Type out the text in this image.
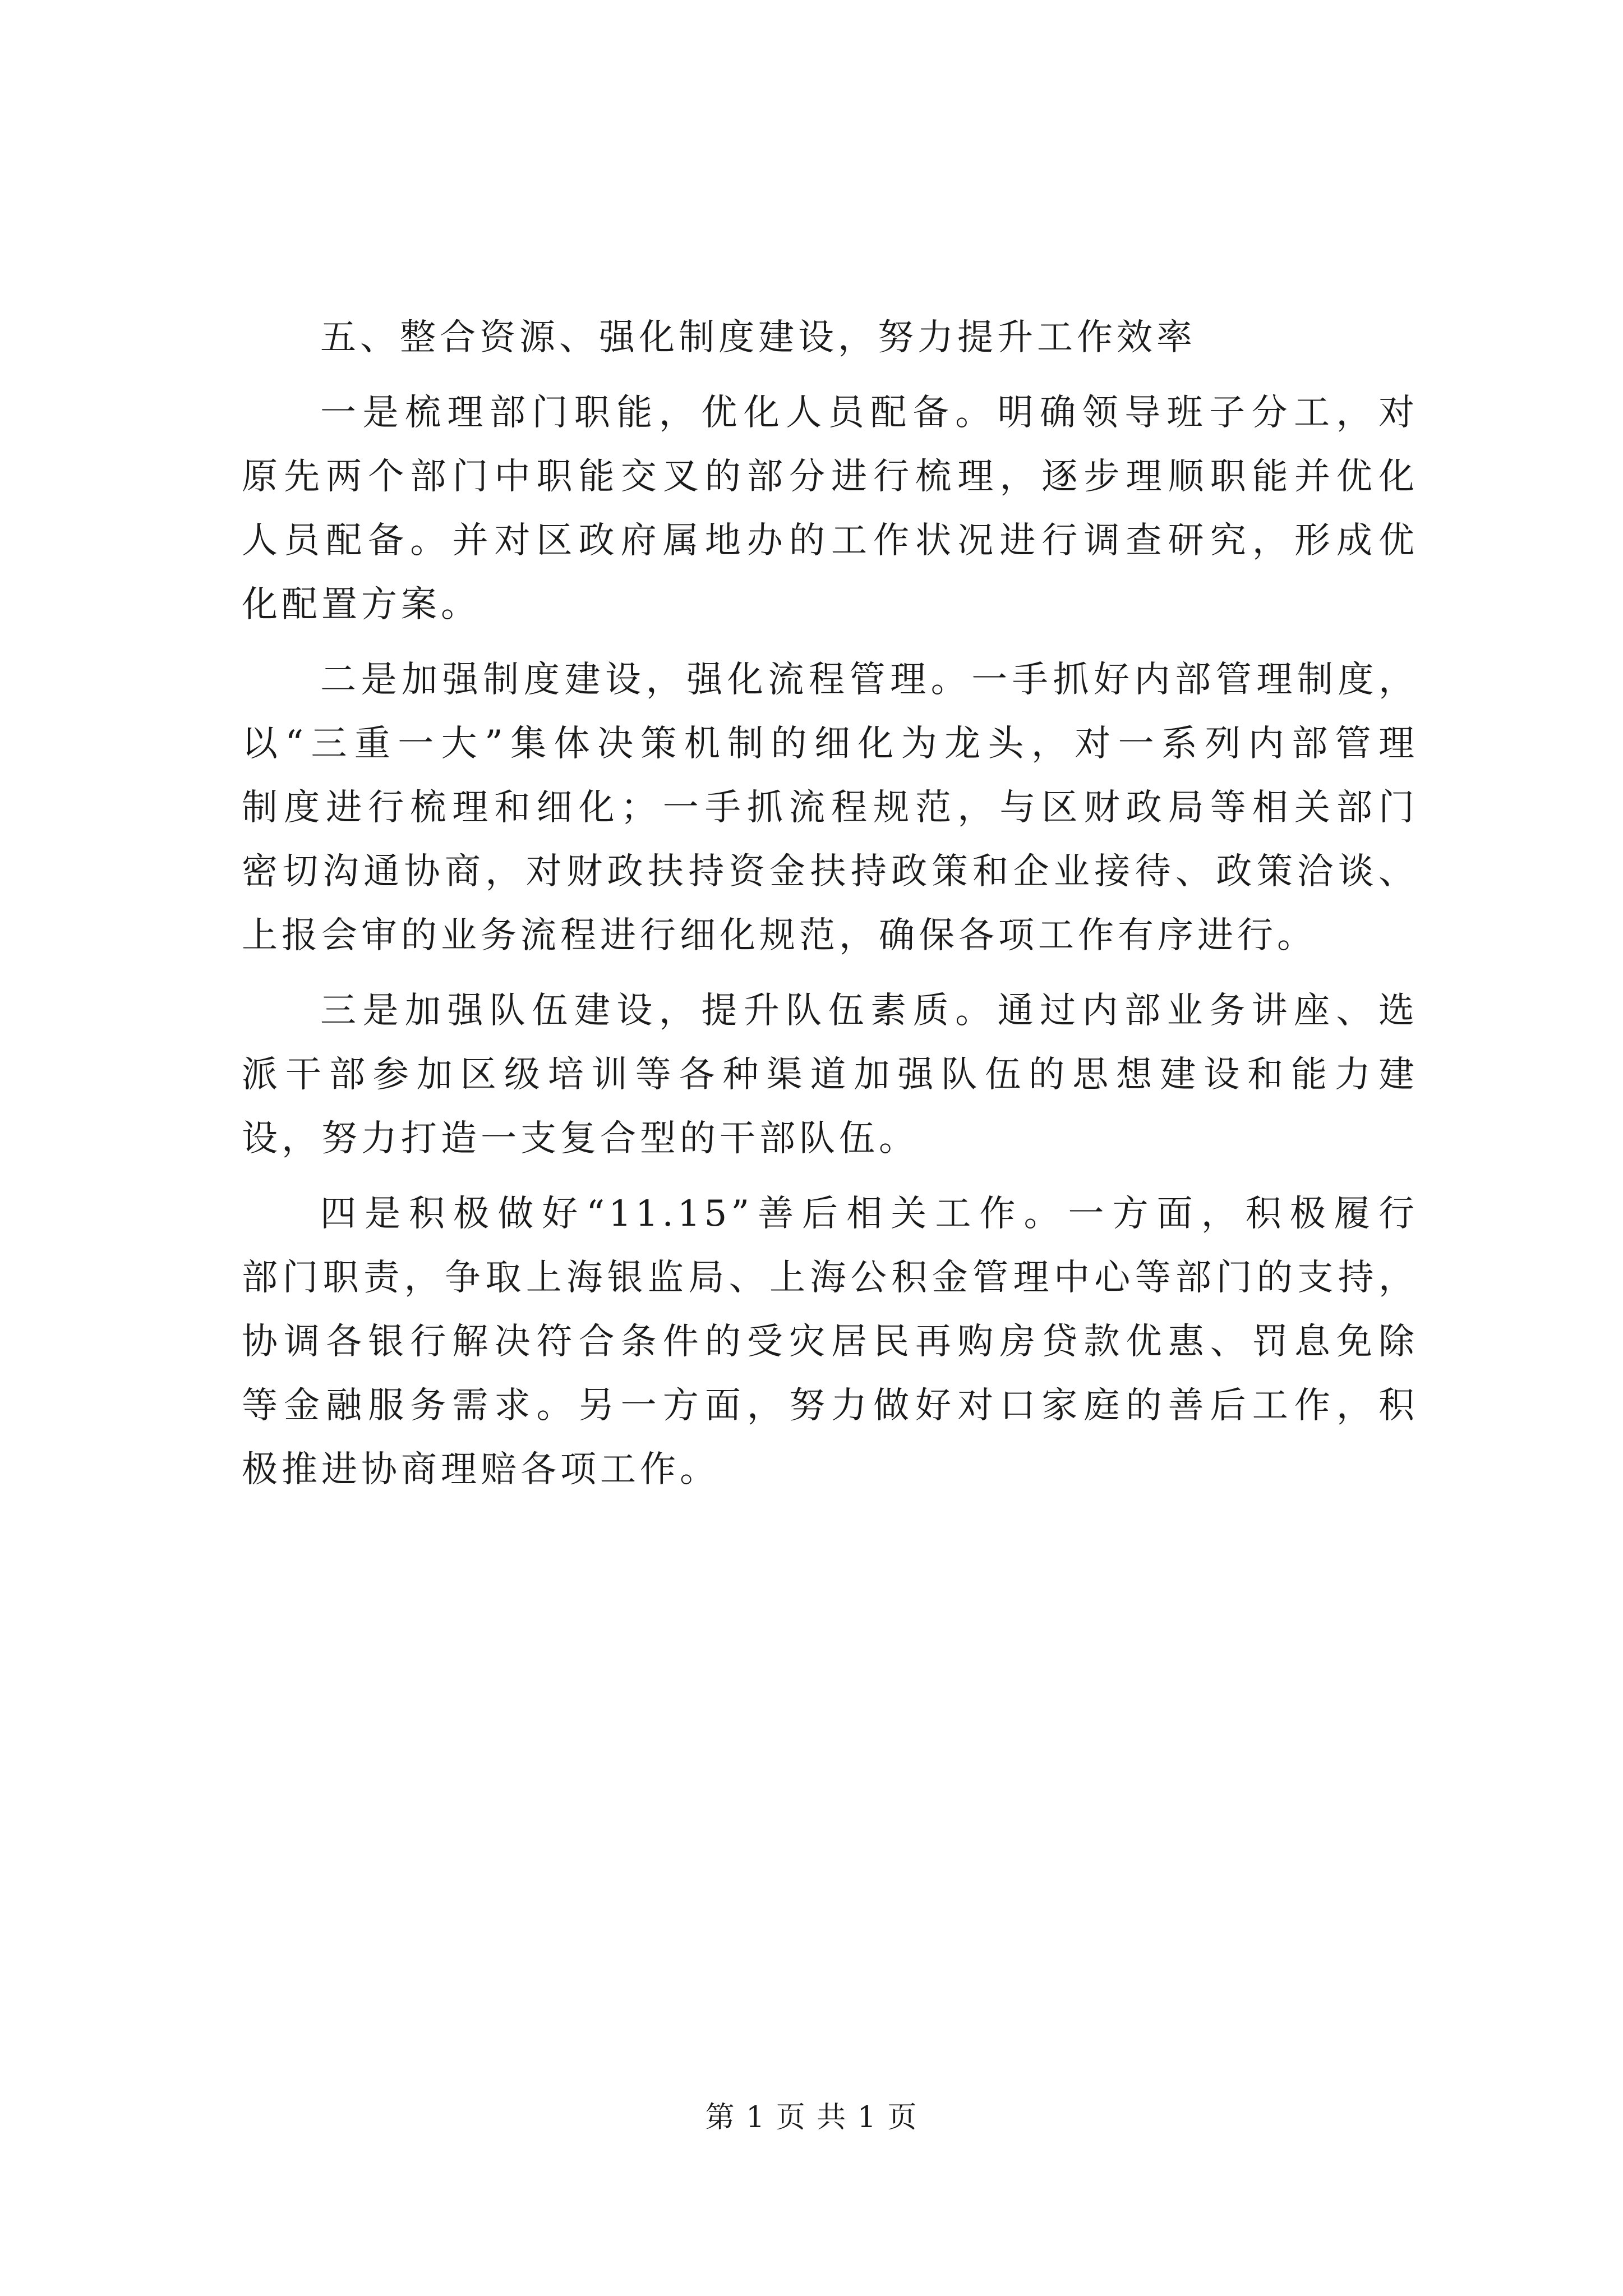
五、整合资源、强化制度建设，努力提升工作效率
一是梳理部门职能，优化人员配备。明确领导班子分工，对
原先两个部门中职能交叉的部分进行梳理，逐步理顺职能并优化
人员配备。并对区政府属地办的工作状况进行调查研究，形成优
化配置方案。
二是加强制度建设，强化流程管理。一手抓好内部管理制度，
以“三重一大”集体决策机制的细化为龙头，对一系列内部管理
制度进行梳理和细化；一手抓流程规范，与区财政局等相关部门
密切沟通协商，对财政扶持资金扶持政策和企业接待、政策洽谈、
上报会审的业务流程进行细化规范，确保各项工作有序进行。
三是加强队伍建设，提升队伍素质。通过内部业务讲座、选
派干部参加区级培训等各种渠道加强队伍的思想建设和能力建
设，努力打造一支复合型的干部队伍。
四是积极做好“11.15”善后相关工作。一方面，积极履行
部门职责，争取上海银监局、上海公积金管理中心等部门的支持，
协调各银行解决符合条件的受灾居民再购房贷款优惠、罚息免除
等金融服务需求。另一方面，努力做好对口家庭的善后工作，积
极推进协商理赔各项工作。
第 1 页 共 1 页
